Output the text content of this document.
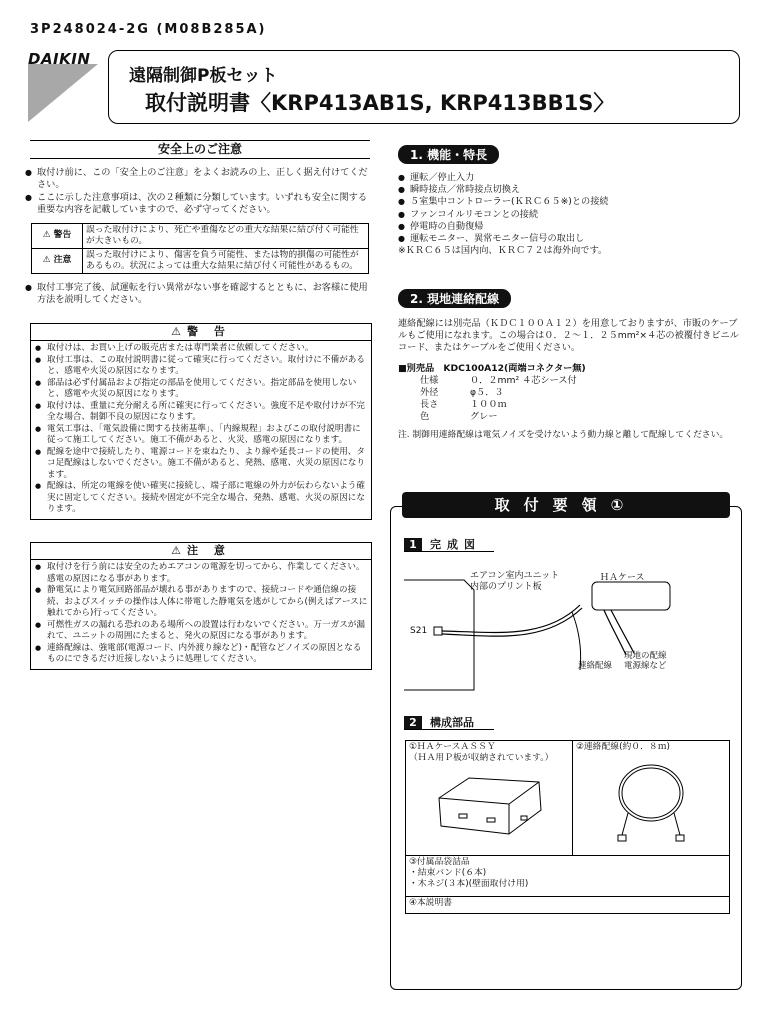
3P248024-2G (M08B285A)
DAIKIN
遠隔制御P板セット
取付説明書〈KRP413AB1S, KRP413BB1S〉
安全上のご注意

● 取付け前に、この「安全上のご注意」をよくお読みの上、正しく据え付けてください。

● ここに示した注意事項は、次の２種類に分類しています。いずれも安全に関する重要な内容を記載していますので、必ず守ってください。

⚠ 警告	誤った取付けにより、死亡や重傷などの重大な結果に結び付く可能性が大きいもの。
⚠ 注意	誤った取付けにより、傷害を負う可能性、または物的損傷の可能性があるもの。状況によっては重大な結果に結び付く可能性があるもの。

● 取付工事完了後、試運転を行い異常がない事を確認するとともに、お客様に使用方法を説明してください。

⚠警 告

● 取付けは、お買い上げの販売店または専門業者に依頼してください。

● 取付工事は、この取付説明書に従って確実に行ってください。取付けに不備があると、感電や火災の原因になります。

● 部品は必ず付属品および指定の部品を使用してください。指定部品を使用しないと、感電や火災の原因になります。

● 取付けは、重量に充分耐える所に確実に行ってください。強度不足や取付けが不完全な場合、制御不良の原因になります。

● 電気工事は、「電気設備に関する技術基準」、「内線規程」およびこの取付説明書に従って施工してください。施工不備があると、火災、感電の原因になります。

● 配線を途中で接続したり、電源コードを束ねたり、より線や延長コードの使用、タコ足配線はしないでください。施工不備があると、発熱、感電、火災の原因になります。

● 配線は、所定の電線を使い確実に接続し、端子部に電線の外力が伝わらないよう確実に固定してください。接続や固定が不完全な場合、発熱、感電、火災の原因になります。

⚠注 意

● 取付けを行う前には安全のためエアコンの電源を切ってから、作業してください。感電の原因になる事があります。

● 静電気により電気回路部品が壊れる事がありますので、接続コードや通信線の接続、およびスイッチの操作は人体に帯電した静電気を逃がしてから(例えばアースに触れてから)行ってください。

● 可燃性ガスの漏れる恐れのある場所への設置は行わないでください。万一ガスが漏れて、ユニットの周囲にたまると、発火の原因になる事があります。

● 連絡配線は、強電部(電源コード、内外渡り線など)・配管などノイズの原因となるものにできるだけ近接しないように処理してください。

1. 機能・特長

● 運転／停止入力

● 瞬時接点／常時接点切換え

● ５室集中コントローラー(ＫＲＣ６５※)との接続

● ファンコイルリモコンとの接続

● 停電時の自動復帰

● 運転モニター、異常モニター信号の取出し

※ＫＲＣ６５は国内向、ＫＲＣ７２は海外向です。
2. 現地連絡配線
連絡配線には別売品（ＫＤＣ１００Ａ１２）を用意しておりますが、市販のケーブルもご使用になれます。この場合は０．２～１．２５mm²×４芯の被覆付きビニルコード、またはケーブルをご使用ください。
■別売品　KDC100A12(両端コネクター無)
仕様	０．２mm² ４芯シース付
外径	φ５．３
長さ	１００ｍ
色	グレー
注. 制御用連絡配線は電気ノイズを受けないよう動力線と離して配線してください。
取付要領①
1 完成図
エアコン室内ユニット
内部のプリント板
S21
ＨＡケース
連絡配線
現地の配線
電源線など
2 構成部品
①ＨＡケースＡＳＳＹ
（ＨＡ用Ｐ板が収納されています。）

②連絡配線(約０．８ｍ)

③付属品袋詰品
・結束バンド(６本)
・木ネジ(３本)(壁面取付け用)

④本説明書
